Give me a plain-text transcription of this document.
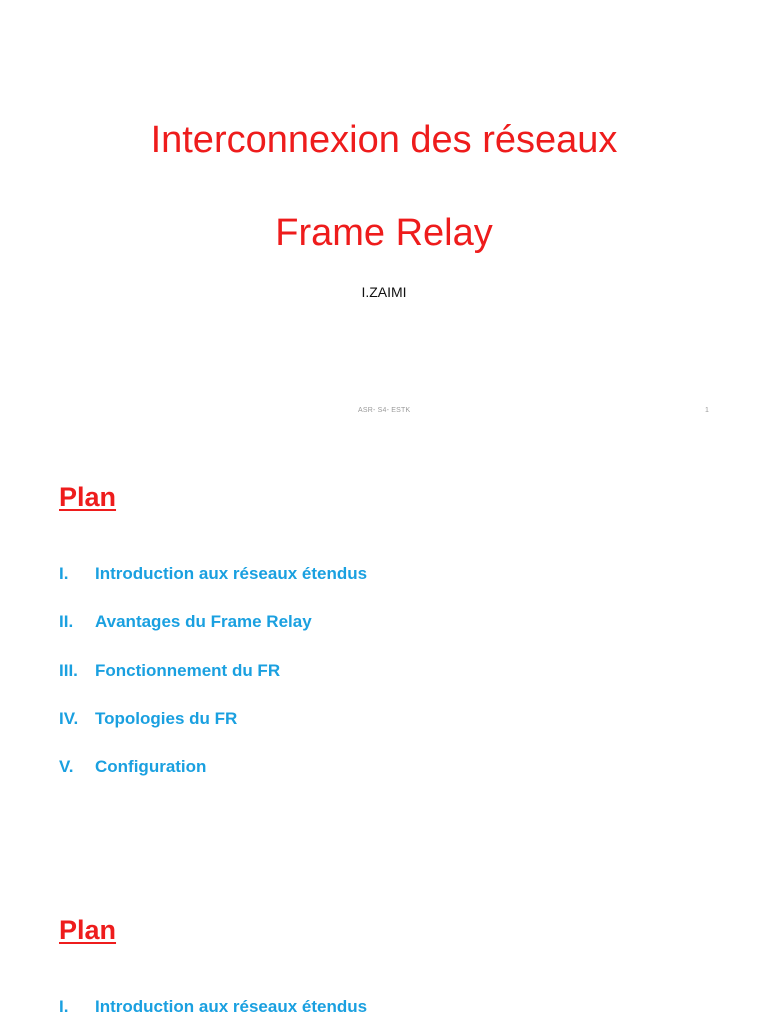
Interconnexion des réseaux
Frame Relay
I.ZAIMI
ASR- S4- ESTK	1
Plan
I. Introduction aux réseaux étendus
II. Avantages du Frame Relay
III. Fonctionnement du FR
IV. Topologies du FR
V. Configuration
Plan
I. Introduction aux réseaux étendus
